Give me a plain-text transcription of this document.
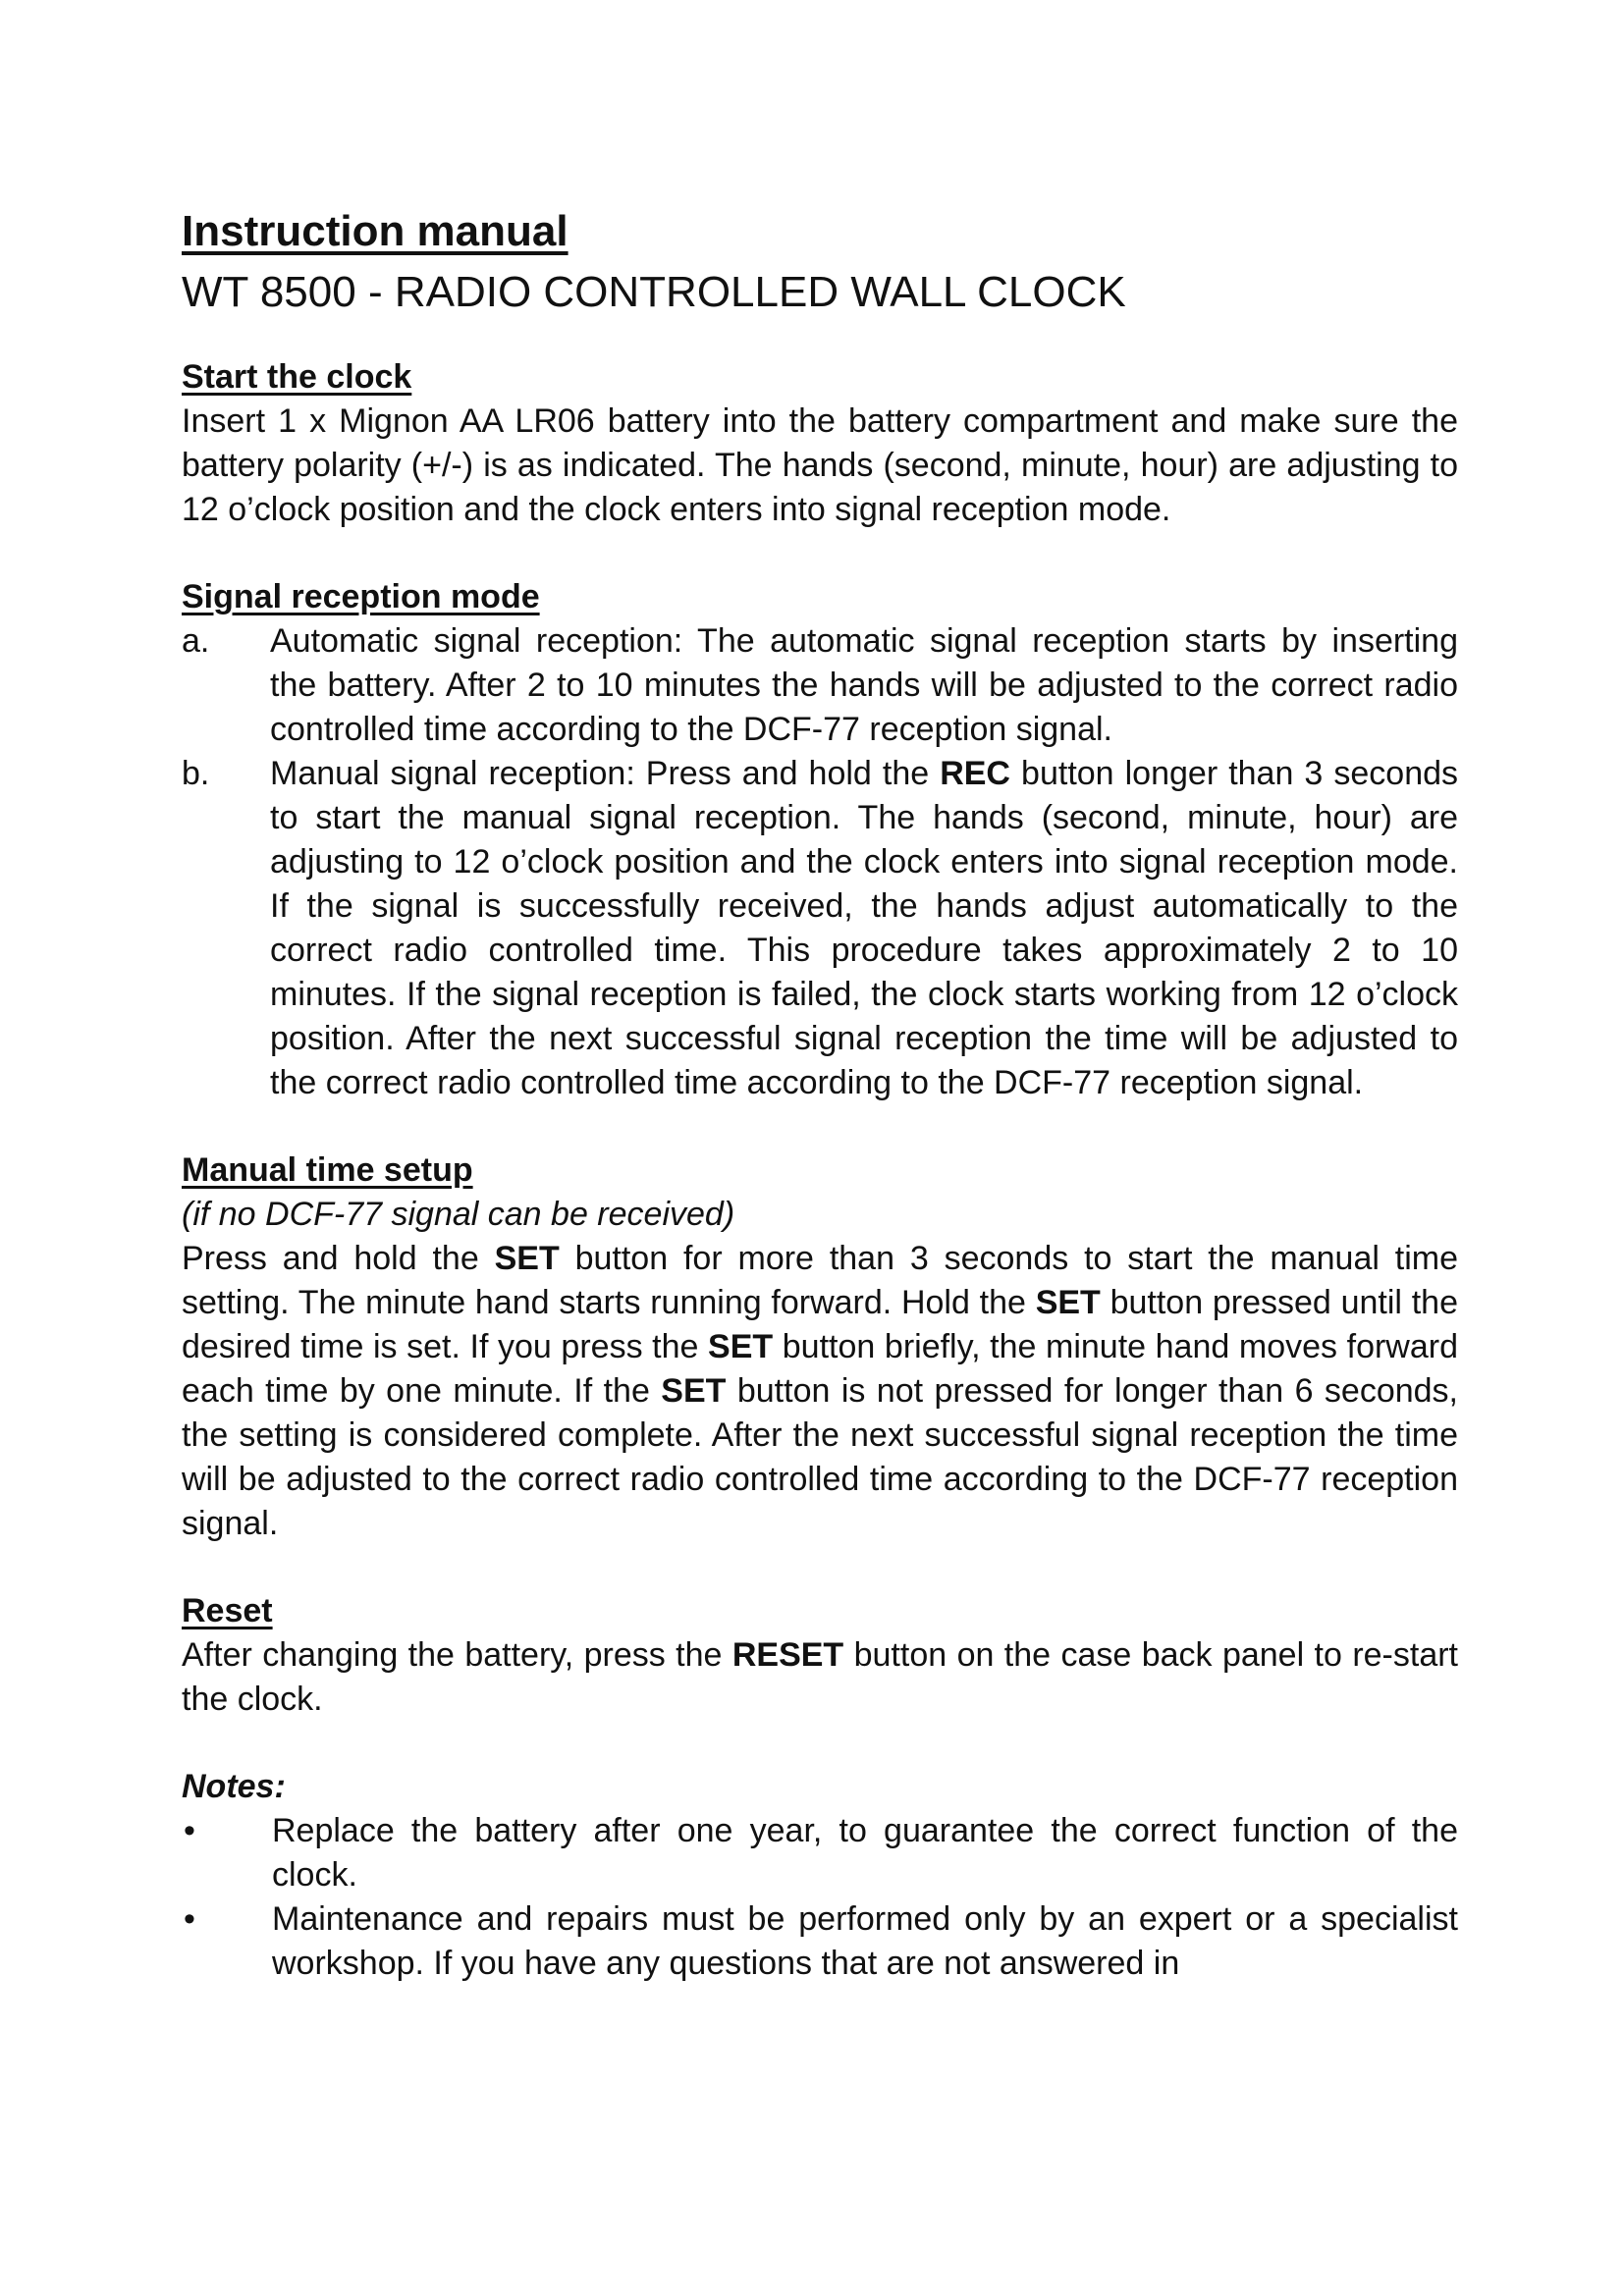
Instruction manual
WT 8500 - RADIO CONTROLLED WALL CLOCK
Start the clock

Insert 1 x Mignon AA LR06 battery into the battery compartment and make sure the battery polarity (+/-) is as indicated. The hands (second, minute, hour) are adjusting to 12 o’clock position and the clock enters into signal reception mode.

Signal reception mode
a.	Automatic signal reception: The automatic signal reception starts by inserting the battery. After 2 to 10 minutes the hands will be adjusted to the correct radio controlled time according to the DCF-77 reception signal.
b.	Manual signal reception: Press and hold the REC button longer than 3 seconds to start the manual signal reception. The hands (second, minute, hour) are adjusting to 12 o’clock position and the clock enters into signal reception mode. If the signal is successfully received, the hands adjust automatically to the correct radio controlled time. This procedure takes approximately 2 to 10 minutes. If the signal reception is failed, the clock starts working from 12 o’clock position. After the next successful signal reception the time will be adjusted to the correct radio controlled time according to the DCF-77 reception signal.
Manual time setup

(if no DCF-77 signal can be received)

Press and hold the SET button for more than 3 seconds to start the manual time setting. The minute hand starts running forward. Hold the SET button pressed until the desired time is set. If you press the SET button briefly, the minute hand moves forward each time by one minute. If the SET button is not pressed for longer than 6 seconds, the setting is considered complete. After the next successful signal reception the time will be adjusted to the correct radio controlled time according to the DCF-77 reception signal.

Reset

After changing the battery, press the RESET button on the case back panel to re-start the clock.

Notes:
•	Replace the battery after one year, to guarantee the correct function of the clock.
•	Maintenance and repairs must be performed only by an expert or a specialist workshop. If you have any questions that are not answered in
